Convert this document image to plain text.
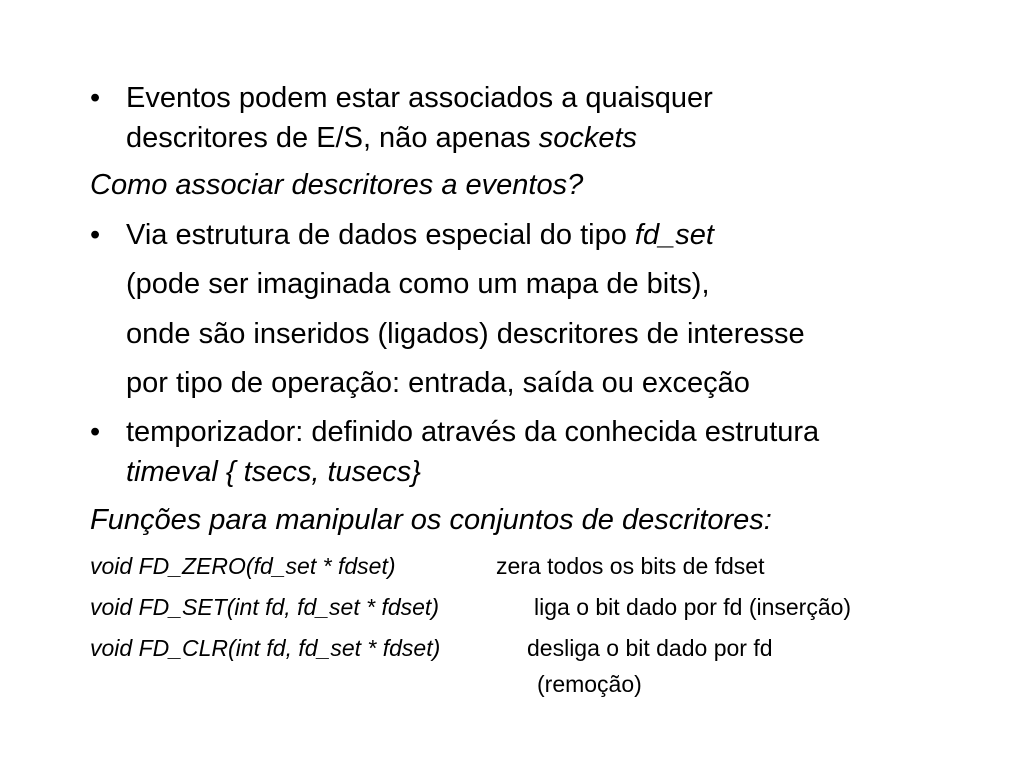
• Eventos podem estar associados a quaisquer
descritores de E/S, não apenas sockets
Como associar descritores a eventos?
• Via estrutura de dados especial do tipo fd_set
(pode ser imaginada como um mapa de bits),
onde são inseridos (ligados) descritores de interesse
por tipo de operação: entrada, saída ou exceção
• temporizador: definido através da conhecida estrutura
timeval { tsecs, tusecs}
Funções para manipular os conjuntos de descritores:
void FD_ZERO(fd_set * fdset)	zera todos os bits de fdset
void FD_SET(int fd, fd_set * fdset)	liga o bit dado por fd (inserção)
void FD_CLR(int fd, fd_set * fdset)	desliga o bit dado por fd
(remoção)
